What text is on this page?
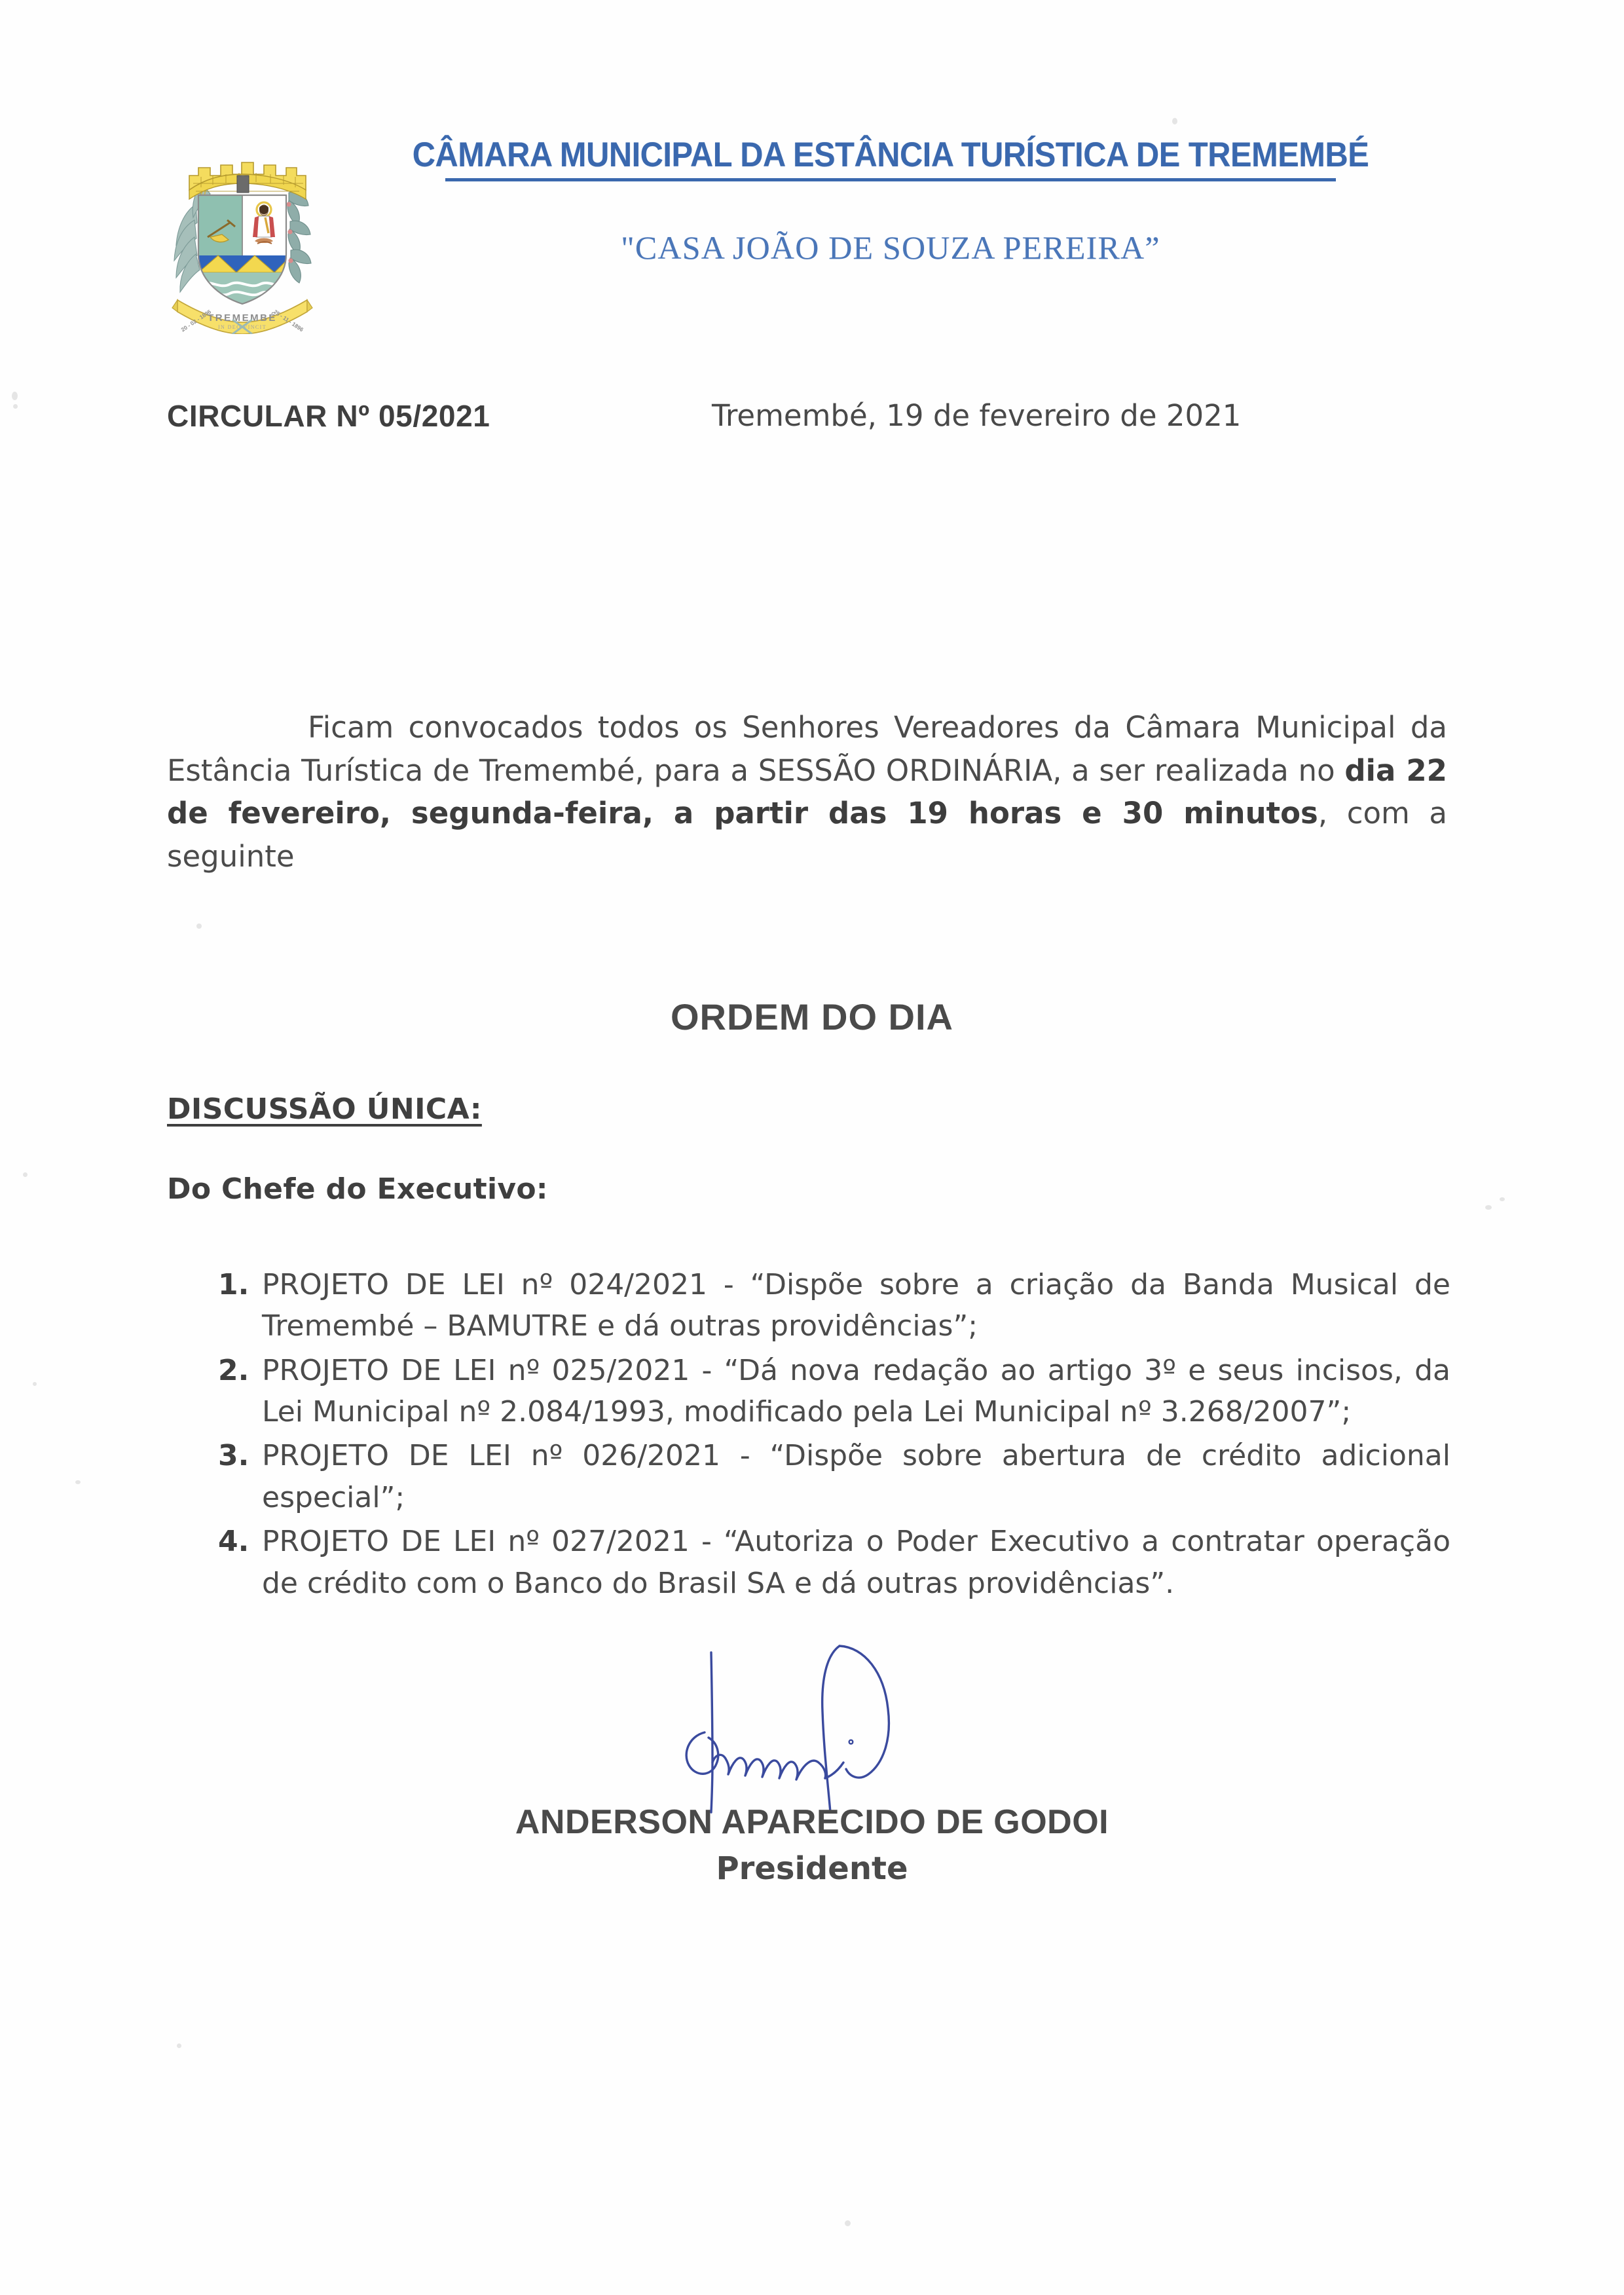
TREMEMBÉ
IN DEO VINCIT
20 - 02 - 1896	25 - 11 - 1896
CÂMARA MUNICIPAL DA ESTÂNCIA TURÍSTICA DE TREMEMBÉ
"CASA JOÃO DE SOUZA PEREIRA”
CIRCULAR Nº 05/2021	Tremembé, 19 de fevereiro de 2021
Ficam convocados todos os Senhores Vereadores da Câmara Municipal da Estância Turística de Tremembé, para a SESSÃO ORDINÁRIA, a ser realizada no dia 22 de fevereiro, segunda-feira, a partir das 19 horas e 30 minutos, com a seguinte
ORDEM DO DIA
DISCUSSÃO ÚNICA:
Do Chefe do Executivo:
1. PROJETO DE LEI nº 024/2021 - “Dispõe sobre a criação da Banda Musical de Tremembé – BAMUTRE e dá outras providências”;
2. PROJETO DE LEI nº 025/2021 - “Dá nova redação ao artigo 3º e seus incisos, da Lei Municipal nº 2.084/1993, modificado pela Lei Municipal nº 3.268/2007”;
3. PROJETO DE LEI nº 026/2021 - “Dispõe sobre abertura de crédito adicional especial”;
4. PROJETO DE LEI nº 027/2021 - “Autoriza o Poder Executivo a contratar operação de crédito com o Banco do Brasil SA e dá outras providências”.
ANDERSON APARECIDO DE GODOI
Presidente
